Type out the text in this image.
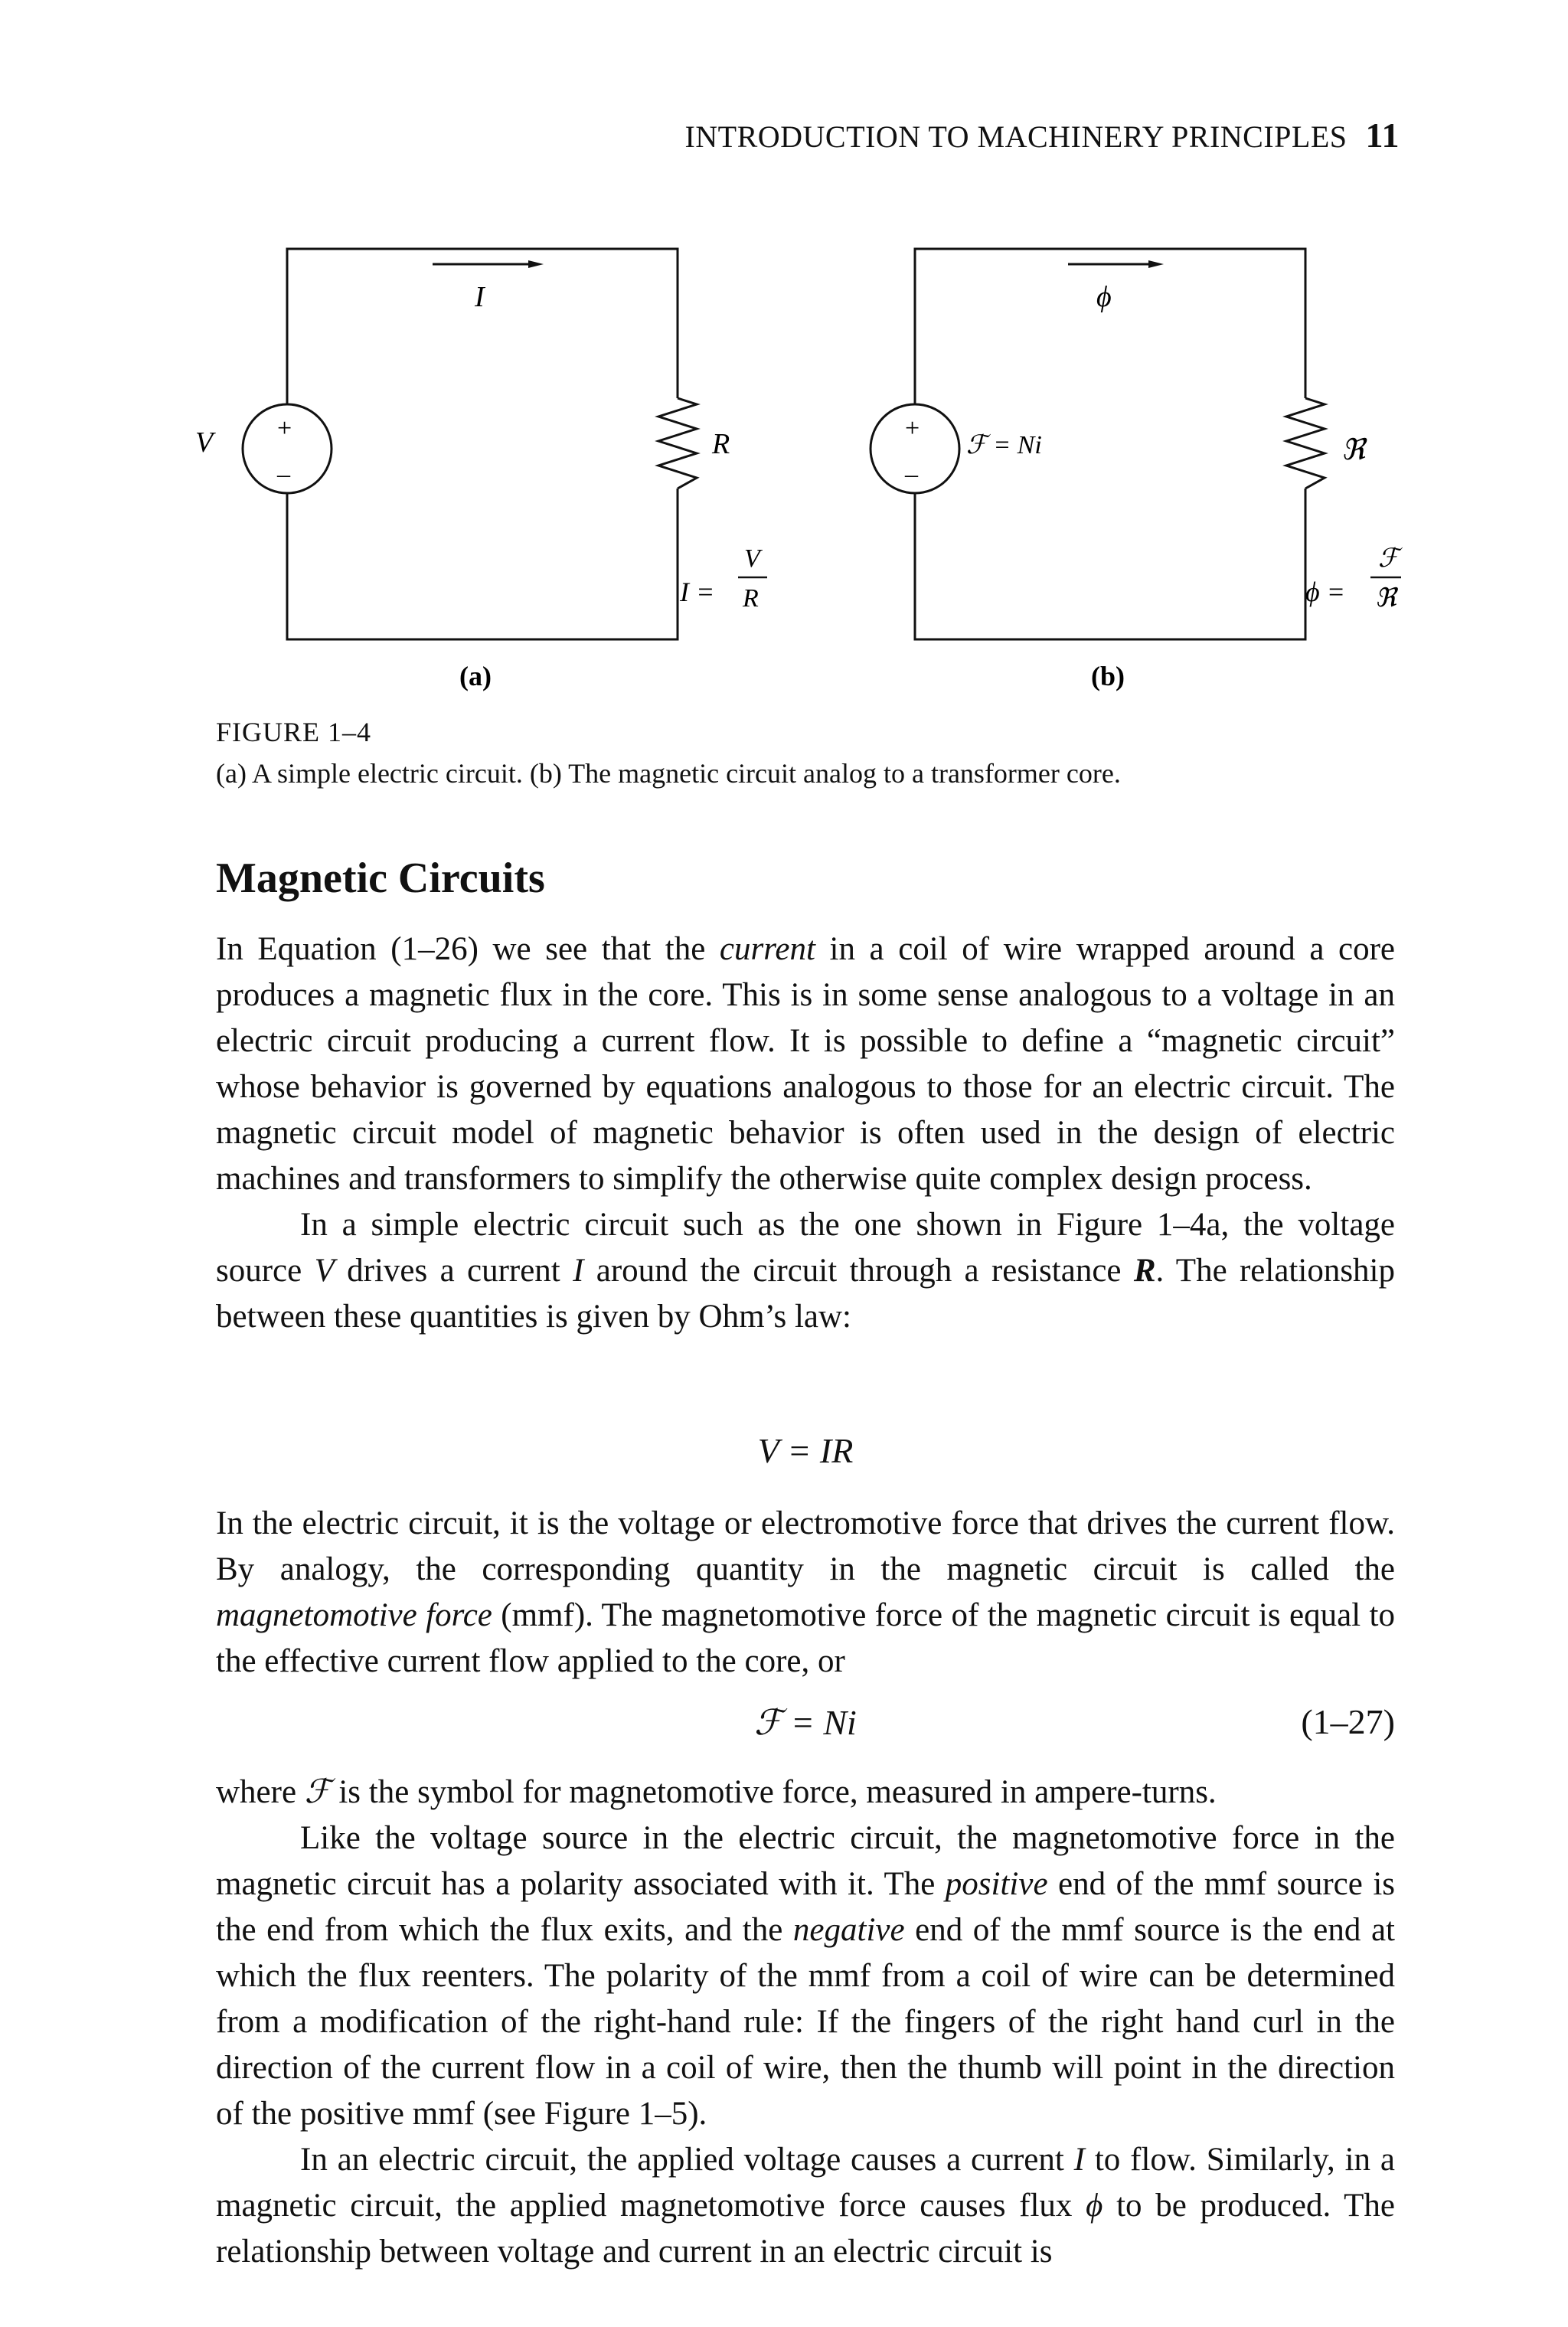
INTRODUCTION TO MACHINERY PRINCIPLES 11
I
V +
–
R
I =
V
R
(a)
ϕ
+
–
ℱ = Ni	ℜ
ϕ =
ℱ
ℜ
(b)
FIGURE 1–4
(a) A simple electric circuit. (b) The magnetic circuit analog to a transformer core.
Magnetic Circuits

In Equation (1–26) we see that the current in a coil of wire wrapped around a core produces a magnetic flux in the core. This is in some sense analogous to a voltage in an electric circuit producing a current flow. It is possible to define a “magnetic circuit” whose behavior is governed by equations analogous to those for an electric circuit. The magnetic circuit model of magnetic behavior is often used in the design of electric machines and transformers to simplify the otherwise quite complex design process.

In a simple electric circuit such as the one shown in Figure 1–4a, the voltage source V drives a current I around the circuit through a resistance R. The relationship between these quantities is given by Ohm’s law:

V = IR

In the electric circuit, it is the voltage or electromotive force that drives the current flow. By analogy, the corresponding quantity in the magnetic circuit is called the magnetomotive force (mmf). The magnetomotive force of the magnetic circuit is equal to the effective current flow applied to the core, or

ℱ = Ni	(1–27)

where ℱ is the symbol for magnetomotive force, measured in ampere-turns.

Like the voltage source in the electric circuit, the magnetomotive force in the magnetic circuit has a polarity associated with it. The positive end of the mmf source is the end from which the flux exits, and the negative end of the mmf source is the end at which the flux reenters. The polarity of the mmf from a coil of wire can be determined from a modification of the right-hand rule: If the fingers of the right hand curl in the direction of the current flow in a coil of wire, then the thumb will point in the direction of the positive mmf (see Figure 1–5).

In an electric circuit, the applied voltage causes a current I to flow. Similarly, in a magnetic circuit, the applied magnetomotive force causes flux ϕ to be produced. The relationship between voltage and current in an electric circuit is
